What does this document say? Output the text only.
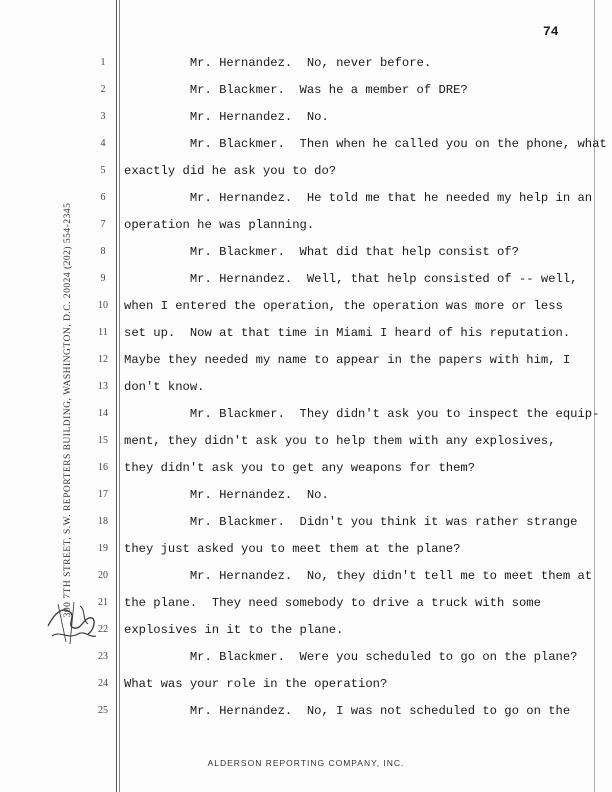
74
300 7TH STREET, S.W. REPORTERS BUILDING, WASHINGTON, D.C. 20024 (202) 554-2345
1	Mr. Hernandez.  No, never before.
2	Mr. Blackmer.  Was he a member of DRE?
3	Mr. Hernandez.  No.
4	Mr. Blackmer.  Then when he called you on the phone, what
5	exactly did he ask you to do?
6	Mr. Hernandez.  He told me that he needed my help in an
7	operation he was planning.
8	Mr. Blackmer.  What did that help consist of?
9	Mr. Hernandez.  Well, that help consisted of -- well,
10 when I entered the operation, the operation was more or less
11 set up.  Now at that time in Miami I heard of his reputation.
12 Maybe they needed my name to appear in the papers with him, I
13 don't know.
14 Mr. Blackmer.  They didn't ask you to inspect the equip-
15 ment, they didn't ask you to help them with any explosives,
16 they didn't ask you to get any weapons for them?
17 Mr. Hernandez.  No.
18 Mr. Blackmer.  Didn't you think it was rather strange
19 they just asked you to meet them at the plane?
20 Mr. Hernandez.  No, they didn't tell me to meet them at
21 the plane.  They need somebody to drive a truck with some
22 explosives in it to the plane.
23 Mr. Blackmer.  Were you scheduled to go on the plane?
24 What was your role in the operation?
25 Mr. Hernandez.  No, I was not scheduled to go on the
ALDERSON REPORTING COMPANY, INC.
